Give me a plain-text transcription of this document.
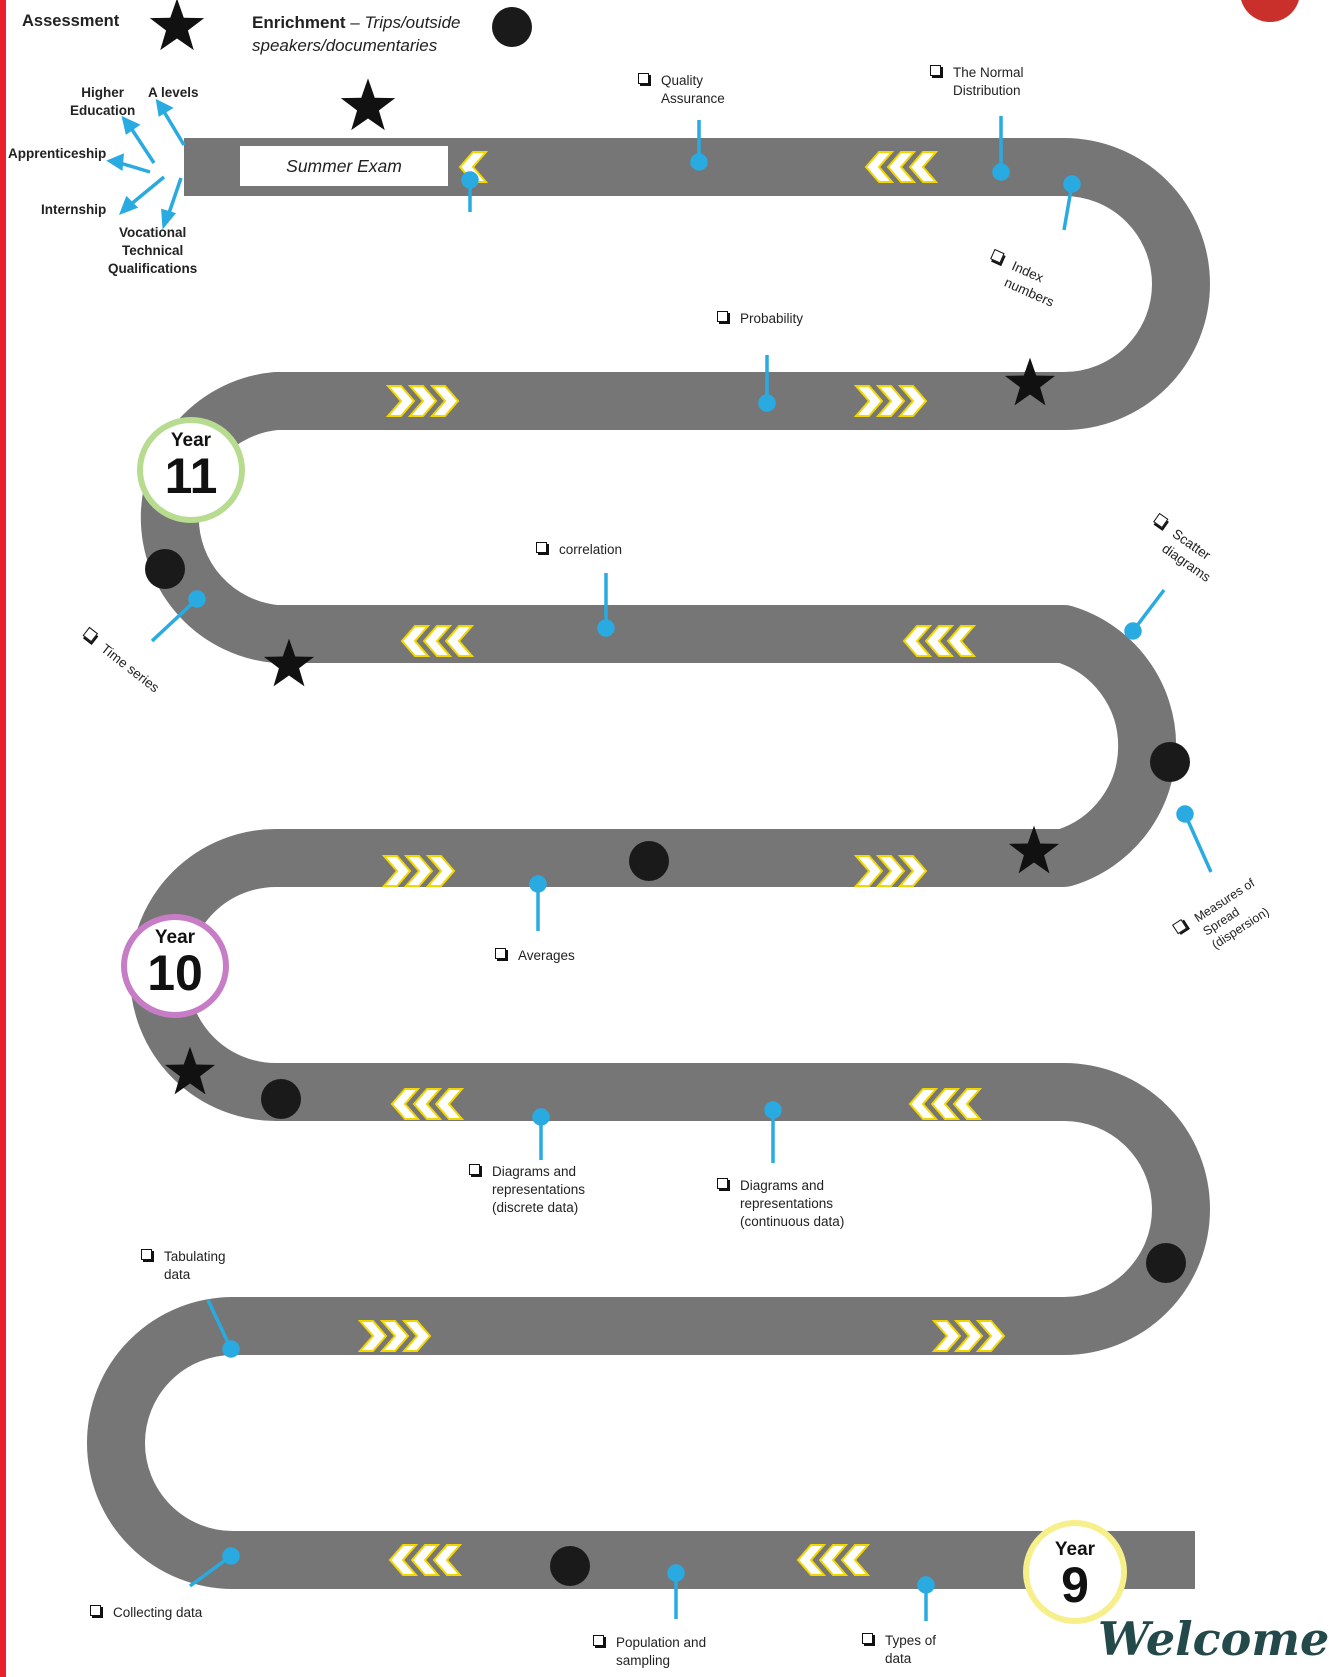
Assessment	Enrichment – Trips/outside
speakers/documentaries
Higher
Education
A levels
Apprenticeship
Internship
Vocational
Technical
Qualifications
Summer Exam
Year
9
Year
10
Year
11
Quality
Assurance
The Normal
Distribution
Index
numbers
Probability
correlation	Scatter
diagrams
Time series
Measures of
Spread
(dispersion)
Averages
Diagrams and
representations
(discrete data)
Diagrams and
representations
(continuous data)
Tabulating
data
Collecting data
Population and
sampling
Types of
data	Welcome
